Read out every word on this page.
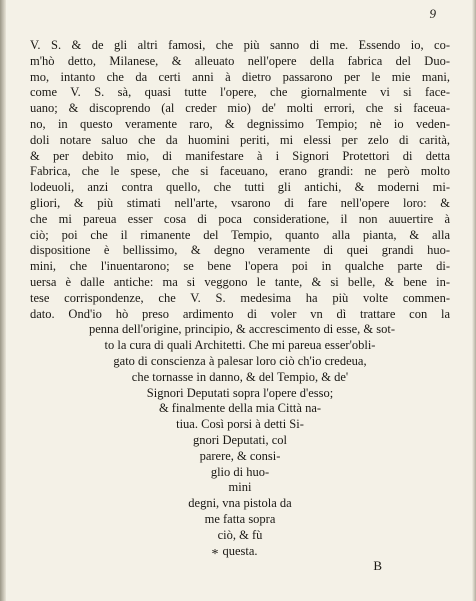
9
V. S. & de gli altri famosi, che più sanno di me. Essendo io, co-
m'hò detto, Milanese, & alleuato nell'opere della fabrica del Duo-
mo, intanto che da certi anni à dietro passarono per le mie mani,
come V. S. sà, quasi tutte l'opere, che giornalmente vi si face-
uano; & discoprendo (al creder mio) de' molti errori, che si faceua-
no, in questo veramente raro, & degnissimo Tempio; nè io veden-
doli notare saluo che da huomini periti, mi elessi per zelo di carità,
& per debito mio, di manifestare à i Signori Protettori di detta
Fabrica, che le spese, che si faceuano, erano grandi: ne però molto
lodeuoli, anzi contra quello, che tutti gli antichi, & moderni mi-
gliori, & più stimati nell'arte, vsarono di fare nell'opere loro: &
che mi pareua esser cosa di poca consideratione, il non auuertire à
ciò; poi che il rimanente del Tempio, quanto alla pianta, & alla
dispositione è bellissimo, & degno veramente di quei grandi huo-
mini, che l'inuentarono; se bene l'opera poi in qualche parte di-
uersa è dalle antiche: ma si veggono le tante, & si belle, & bene in-
tese corrispondenze, che V. S. medesima ha più volte commen-
dato. Ond'io hò preso ardimento di voler vn dì trattare con la
penna dell'origine, principio, & accrescimento di esse, & sot-
to la cura di quali Architetti. Che mi pareua esser'obli-
gato di conscienza à palesar loro ciò ch'io credeua,
che tornasse in danno, & del Tempio, & de'
Signori Deputati sopra l'opere d'esso;
& finalmente della mia Città na-
tiua. Così porsi à detti Si-
gnori Deputati, col
parere, & consi-
glio di huo-
mini
degni, vna pistola da
me fatta sopra
ciò, & fù
questa.
*
B
